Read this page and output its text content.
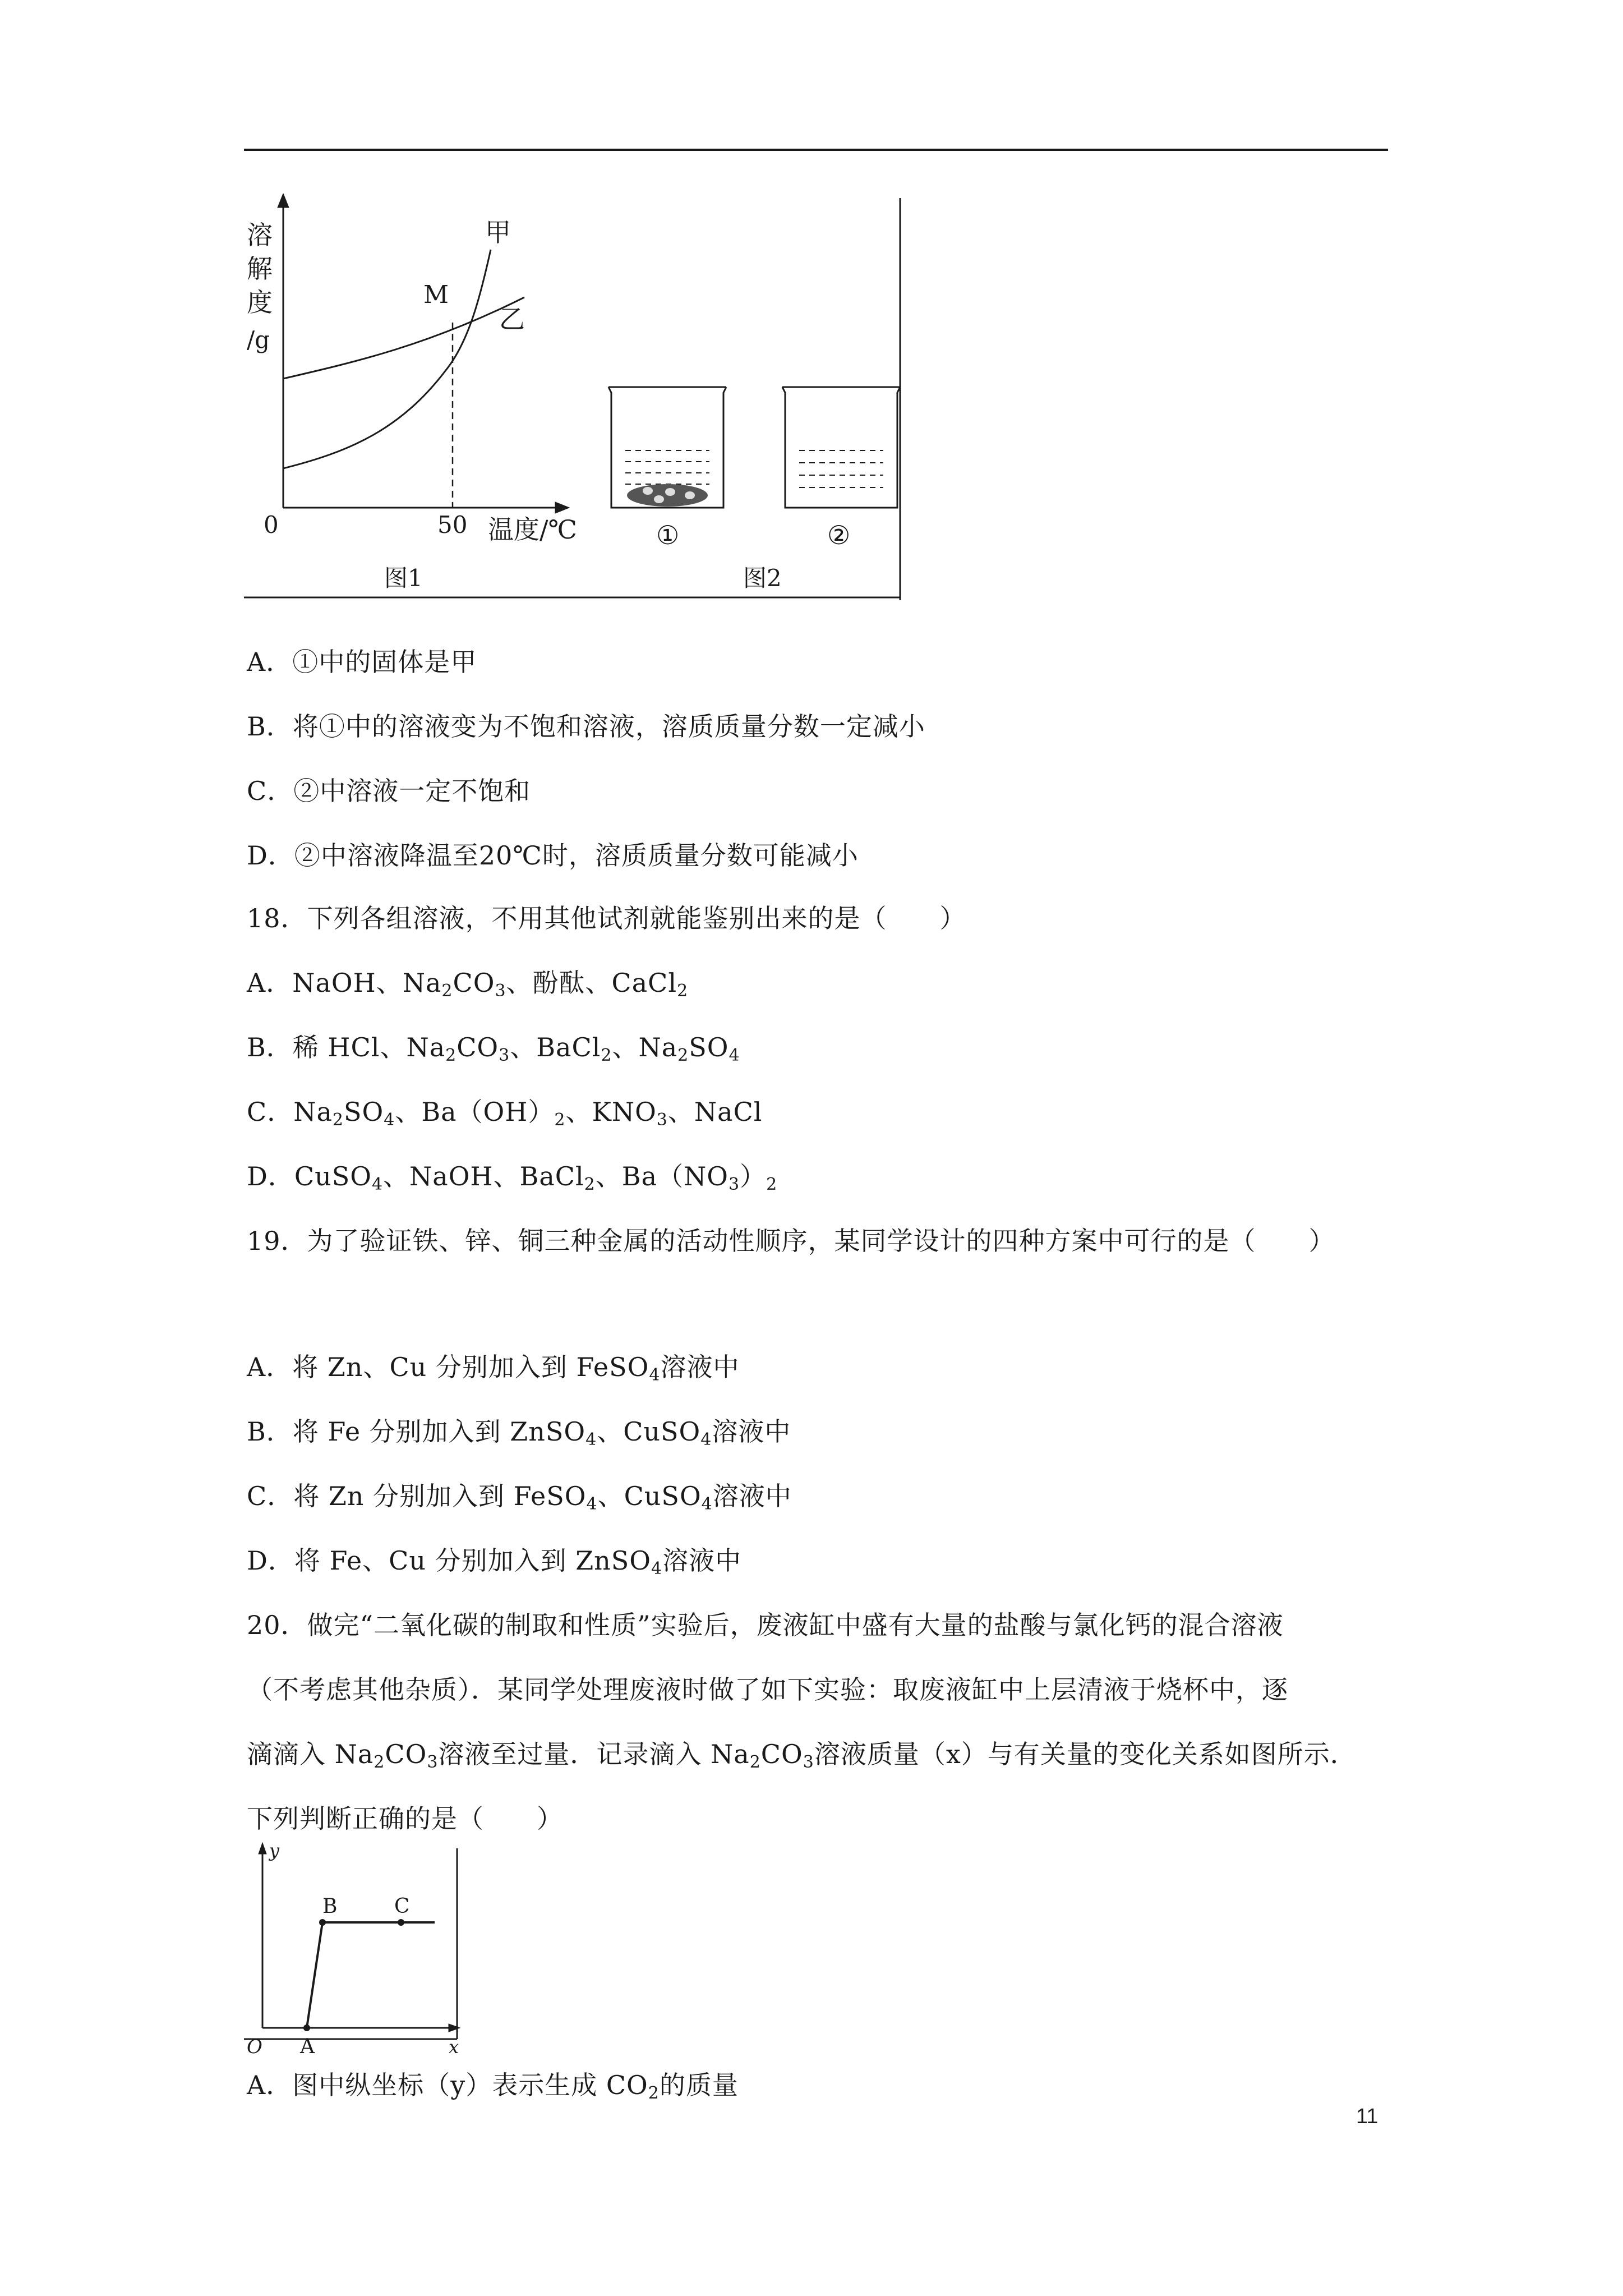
溶
解
度
/g
甲
M
乙
0	50 温度/℃	①	②
图1	图2
A．①中的固体是甲
B．将①中的溶液变为不饱和溶液，溶质质量分数一定减小
C．②中溶液一定不饱和
D．②中溶液降温至20℃时，溶质质量分数可能减小
18．下列各组溶液，不用其他试剂就能鉴别出来的是（　　）
A．NaOH、$Na_2CO_3$、酚酞、CaCl$_2$
B．稀 HCl、$Na_2CO_3$、BaCl$_2$、$Na_2SO_4$
C．$Na_2SO_4$、$Ba(OH)_2$、$KNO_3$、NaCl
D．CuSO$_4$、NaOH、BaCl$_2$、$Ba(NO_3)_2$
19．为了验证铁、锌、铜三种金属的活动性顺序，某同学设计的四种方案中可行的是（　　）
A．将 Zn、Cu 分别加入到 FeSO$_4$溶液中
B．将 Fe 分别加入到 ZnSO$_4$、CuSO$_4$溶液中
C．将 Zn 分别加入到 FeSO$_4$、CuSO$_4$溶液中
D．将 Fe、Cu 分别加入到 ZnSO$_4$溶液中
20．做完“二氧化碳的制取和性质”实验后，废液缸中盛有大量的盐酸与氯化钙的混合溶液
（不考虑其他杂质）．某同学处理废液时做了如下实验：取废液缸中上层清液于烧杯中，逐
滴滴入 $Na_2CO_3$溶液至过量．记录滴入 $Na_2CO_3$溶液质量（x）与有关量的变化关系如图所示．
下列判断正确的是（　　）
y
B	C
O A	x
A．图中纵坐标（y）表示生成 $CO_2$的质量
11
